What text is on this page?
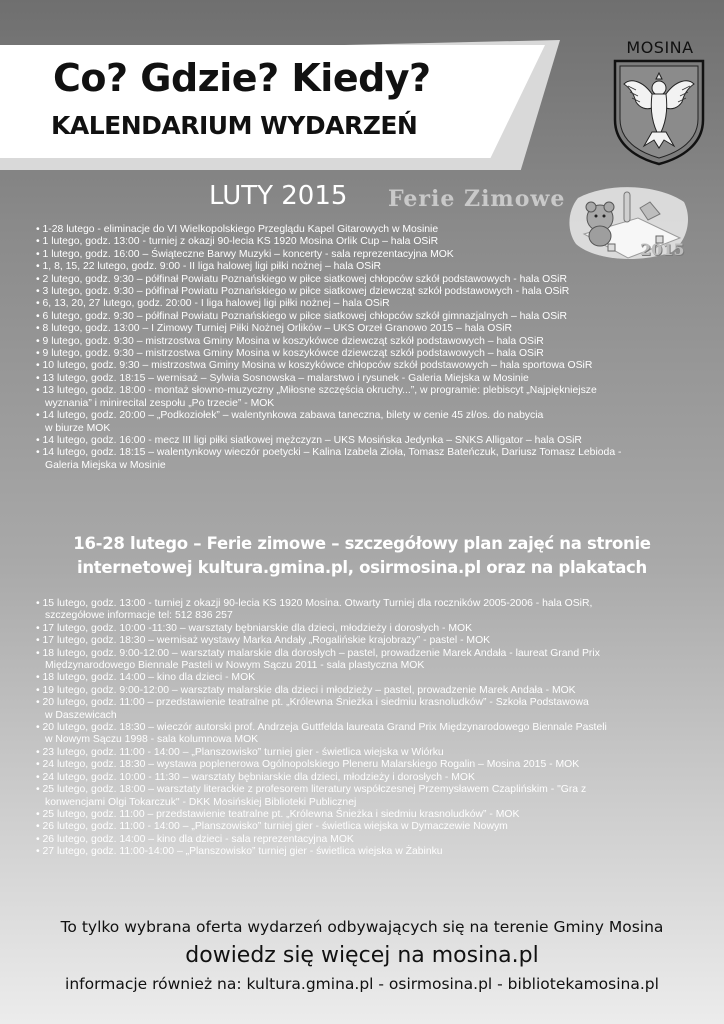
Co? Gdzie? Kiedy?
KALENDARIUM WYDARZEŃ
MOSINA
LUTY 2015 Ferie Zimowe
2015
• 1-28 lutego - eliminacje do VI Wielkopolskiego Przeglądu Kapel Gitarowych w Mosinie
• 1 lutego, godz. 13:00 - turniej z okazji 90-lecia KS 1920 Mosina Orlik Cup – hala OSiR
• 1 lutego, godz. 16:00 – Świąteczne Barwy Muzyki – koncerty - sala reprezentacyjna MOK
• 1, 8, 15, 22 lutego, godz. 9:00 - II liga halowej ligi piłki nożnej – hala OSiR
• 2 lutego, godz. 9:30 – półfinał Powiatu Poznańskiego w piłce siatkowej chłopców szkół podstawowych - hala OSiR
• 3 lutego, godz. 9:30 – półfinał Powiatu Poznańskiego w piłce siatkowej dziewcząt szkół podstawowych - hala OSiR
• 6, 13, 20, 27 lutego, godz. 20:00 - I liga halowej ligi piłki nożnej – hala OSiR
• 6 lutego, godz. 9:30 – półfinał Powiatu Poznańskiego w piłce siatkowej chłopców szkół gimnazjalnych – hala OSiR
• 8 lutego, godz. 13:00 – I Zimowy Turniej Piłki Nożnej Orlików – UKS Orzeł Granowo 2015 – hala OSiR
• 9 lutego, godz. 9:30 – mistrzostwa Gminy Mosina w koszykówce dziewcząt szkół podstawowych – hala OSiR
• 9 lutego, godz. 9:30 – mistrzostwa Gminy Mosina w koszykówce dziewcząt szkół podstawowych – hala OSiR
• 10 lutego, godz. 9:30 – mistrzostwa Gminy Mosina w koszykówce chłopców szkół podstawowych – hala sportowa OSiR
• 13 lutego, godz. 18:15 – wernisaż – Sylwia Sosnowska – malarstwo i rysunek - Galeria Miejska w Mosinie
• 13 lutego, godz. 18:00 - montaż słowno-muzyczny „Miłosne szczęścia okruchy...”, w programie: plebiscyt „Najpiękniejsze
wyznania” i minirecital zespołu „Po trzecie” - MOK
• 14 lutego, godz. 20:00 – „Podkoziołek” – walentynkowa zabawa taneczna, bilety w cenie 45 zł/os. do nabycia
w biurze MOK
• 14 lutego, godz. 16:00 - mecz III ligi piłki siatkowej mężczyzn – UKS Mosińska Jedynka – SNKS Alligator – hala OSiR
• 14 lutego, godz. 18:15 – walentynkowy wieczór poetycki – Kalina Izabela Zioła, Tomasz Bateńczuk, Dariusz Tomasz Lebioda -
Galeria Miejska w Mosinie
16-28 lutego – Ferie zimowe – szczegółowy plan zajęć na stronie
internetowej kultura.gmina.pl, osirmosina.pl oraz na plakatach
• 15 lutego, godz. 13:00 - turniej z okazji 90-lecia KS 1920 Mosina. Otwarty Turniej dla roczników 2005-2006 - hala OSiR,
szczegółowe informacje tel: 512 836 257
• 17 lutego, godz. 10:00 -11:30 – warsztaty bębniarskie dla dzieci, młodzieży i dorosłych - MOK
• 17 lutego, godz. 18:30 – wernisaż wystawy Marka Andały „Rogalińskie krajobrazy” - pastel - MOK
• 18 lutego, godz. 9:00-12:00 – warsztaty malarskie dla dorosłych – pastel, prowadzenie Marek Andała - laureat Grand Prix
Międzynarodowego Biennale Pasteli w Nowym Sączu 2011 - sala plastyczna MOK
• 18 lutego, godz. 14:00 – kino dla dzieci - MOK
• 19 lutego, godz. 9:00-12:00 – warsztaty malarskie dla dzieci i młodzieży – pastel, prowadzenie Marek Andała - MOK
• 20 lutego, godz. 11:00 – przedstawienie teatralne pt. „Królewna Śnieżka i siedmiu krasnoludków” - Szkoła Podstawowa
w Daszewicach
• 20 lutego, godz. 18:30 – wieczór autorski prof. Andrzeja Guttfelda laureata Grand Prix Międzynarodowego Biennale Pasteli
w Nowym Sączu 1998 - sala kolumnowa MOK
• 23 lutego, godz. 11:00 - 14:00 – „Planszowisko” turniej gier - świetlica wiejska w Wiórku
• 24 lutego, godz. 18:30 – wystawa poplenerowa Ogólnopolskiego Pleneru Malarskiego Rogalin – Mosina 2015 - MOK
• 24 lutego, godz. 10:00 - 11:30 – warsztaty bębniarskie dla dzieci, młodzieży i dorosłych - MOK
• 25 lutego, godz. 18:00 – warsztaty literackie z profesorem literatury współczesnej Przemysławem Czaplińskim - "Gra z
konwencjami Olgi Tokarczuk" - DKK Mosińskiej Biblioteki Publicznej
• 25 lutego, godz. 11:00 – przedstawienie teatralne pt. „Królewna Śnieżka i siedmiu krasnoludków” - MOK
• 26 lutego, godz. 11:00 - 14:00 – „Planszowisko” turniej gier - świetlica wiejska w Dymaczewie Nowym
• 26 lutego, godz. 14:00 – kino dla dzieci - sala reprezentacyjna MOK
• 27 lutego, godz. 11:00-14:00 – „Planszowisko” turniej gier - świetlica wiejska w Żabinku
To tylko wybrana oferta wydarzeń odbywających się na terenie Gminy Mosina
dowiedz się więcej na mosina.pl
informacje również na: kultura.gmina.pl - osirmosina.pl - bibliotekamosina.pl
